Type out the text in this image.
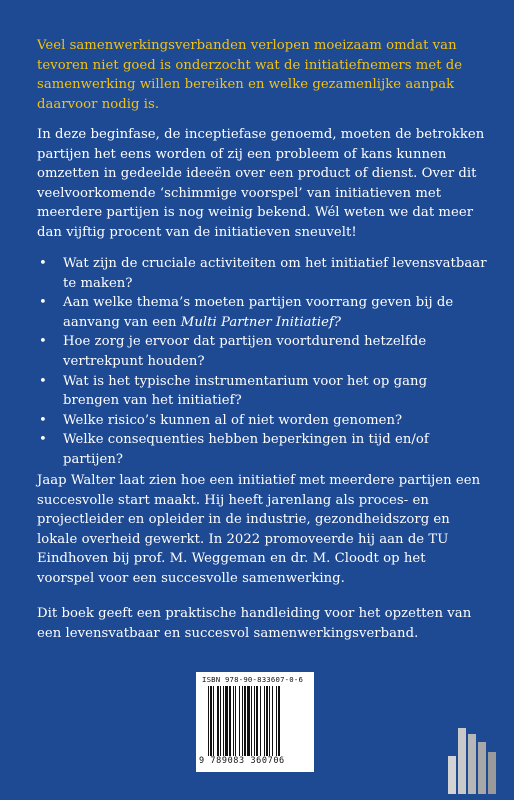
Veel samenwerkingsverbanden verlopen moeizaam omdat van tevoren niet goed is onderzocht wat de initiatiefnemers met de samenwerking willen bereiken en welke gezamenlijke aanpak daarvoor nodig is.
In deze beginfase, de inceptiefase genoemd, moeten de betrokken partijen het eens worden of zij een probleem of kans kunnen omzetten in gedeelde ideeën over een product of dienst. Over dit veelvoorkomende ‘schimmige voorspel’ van initiatieven met meerdere partijen is nog weinig bekend. Wél weten we dat meer dan vijftig procent van de initiatieven sneuvelt!
• Wat zijn de cruciale activiteiten om het initiatief levensvatbaar te maken?
• Aan welke thema’s moeten partijen voorrang geven bij de aanvang van een Multi Partner Initiatief?
• Hoe zorg je ervoor dat partijen voortdurend hetzelfde vertrekpunt houden?
• Wat is het typische instrumentarium voor het op gang brengen van het initiatief?
• Welke risico’s kunnen al of niet worden genomen?
• Welke consequenties hebben beperkingen in tijd en/of partijen?
Jaap Walter laat zien hoe een initiatief met meerdere partijen een succesvolle start maakt. Hij heeft jarenlang als proces- en projectleider en opleider in de industrie, gezondheidszorg en lokale overheid gewerkt. In 2022 promoveerde hij aan de TU Eindhoven bij prof. M. Weggeman en dr. M. Cloodt op het voorspel voor een succesvolle samenwerking.
Dit boek geeft een praktische handleiding voor het opzetten van een levensvatbaar en succesvol samenwerkingsverband.
ISBN 978-90-833607-0-6
9 789083 360706
